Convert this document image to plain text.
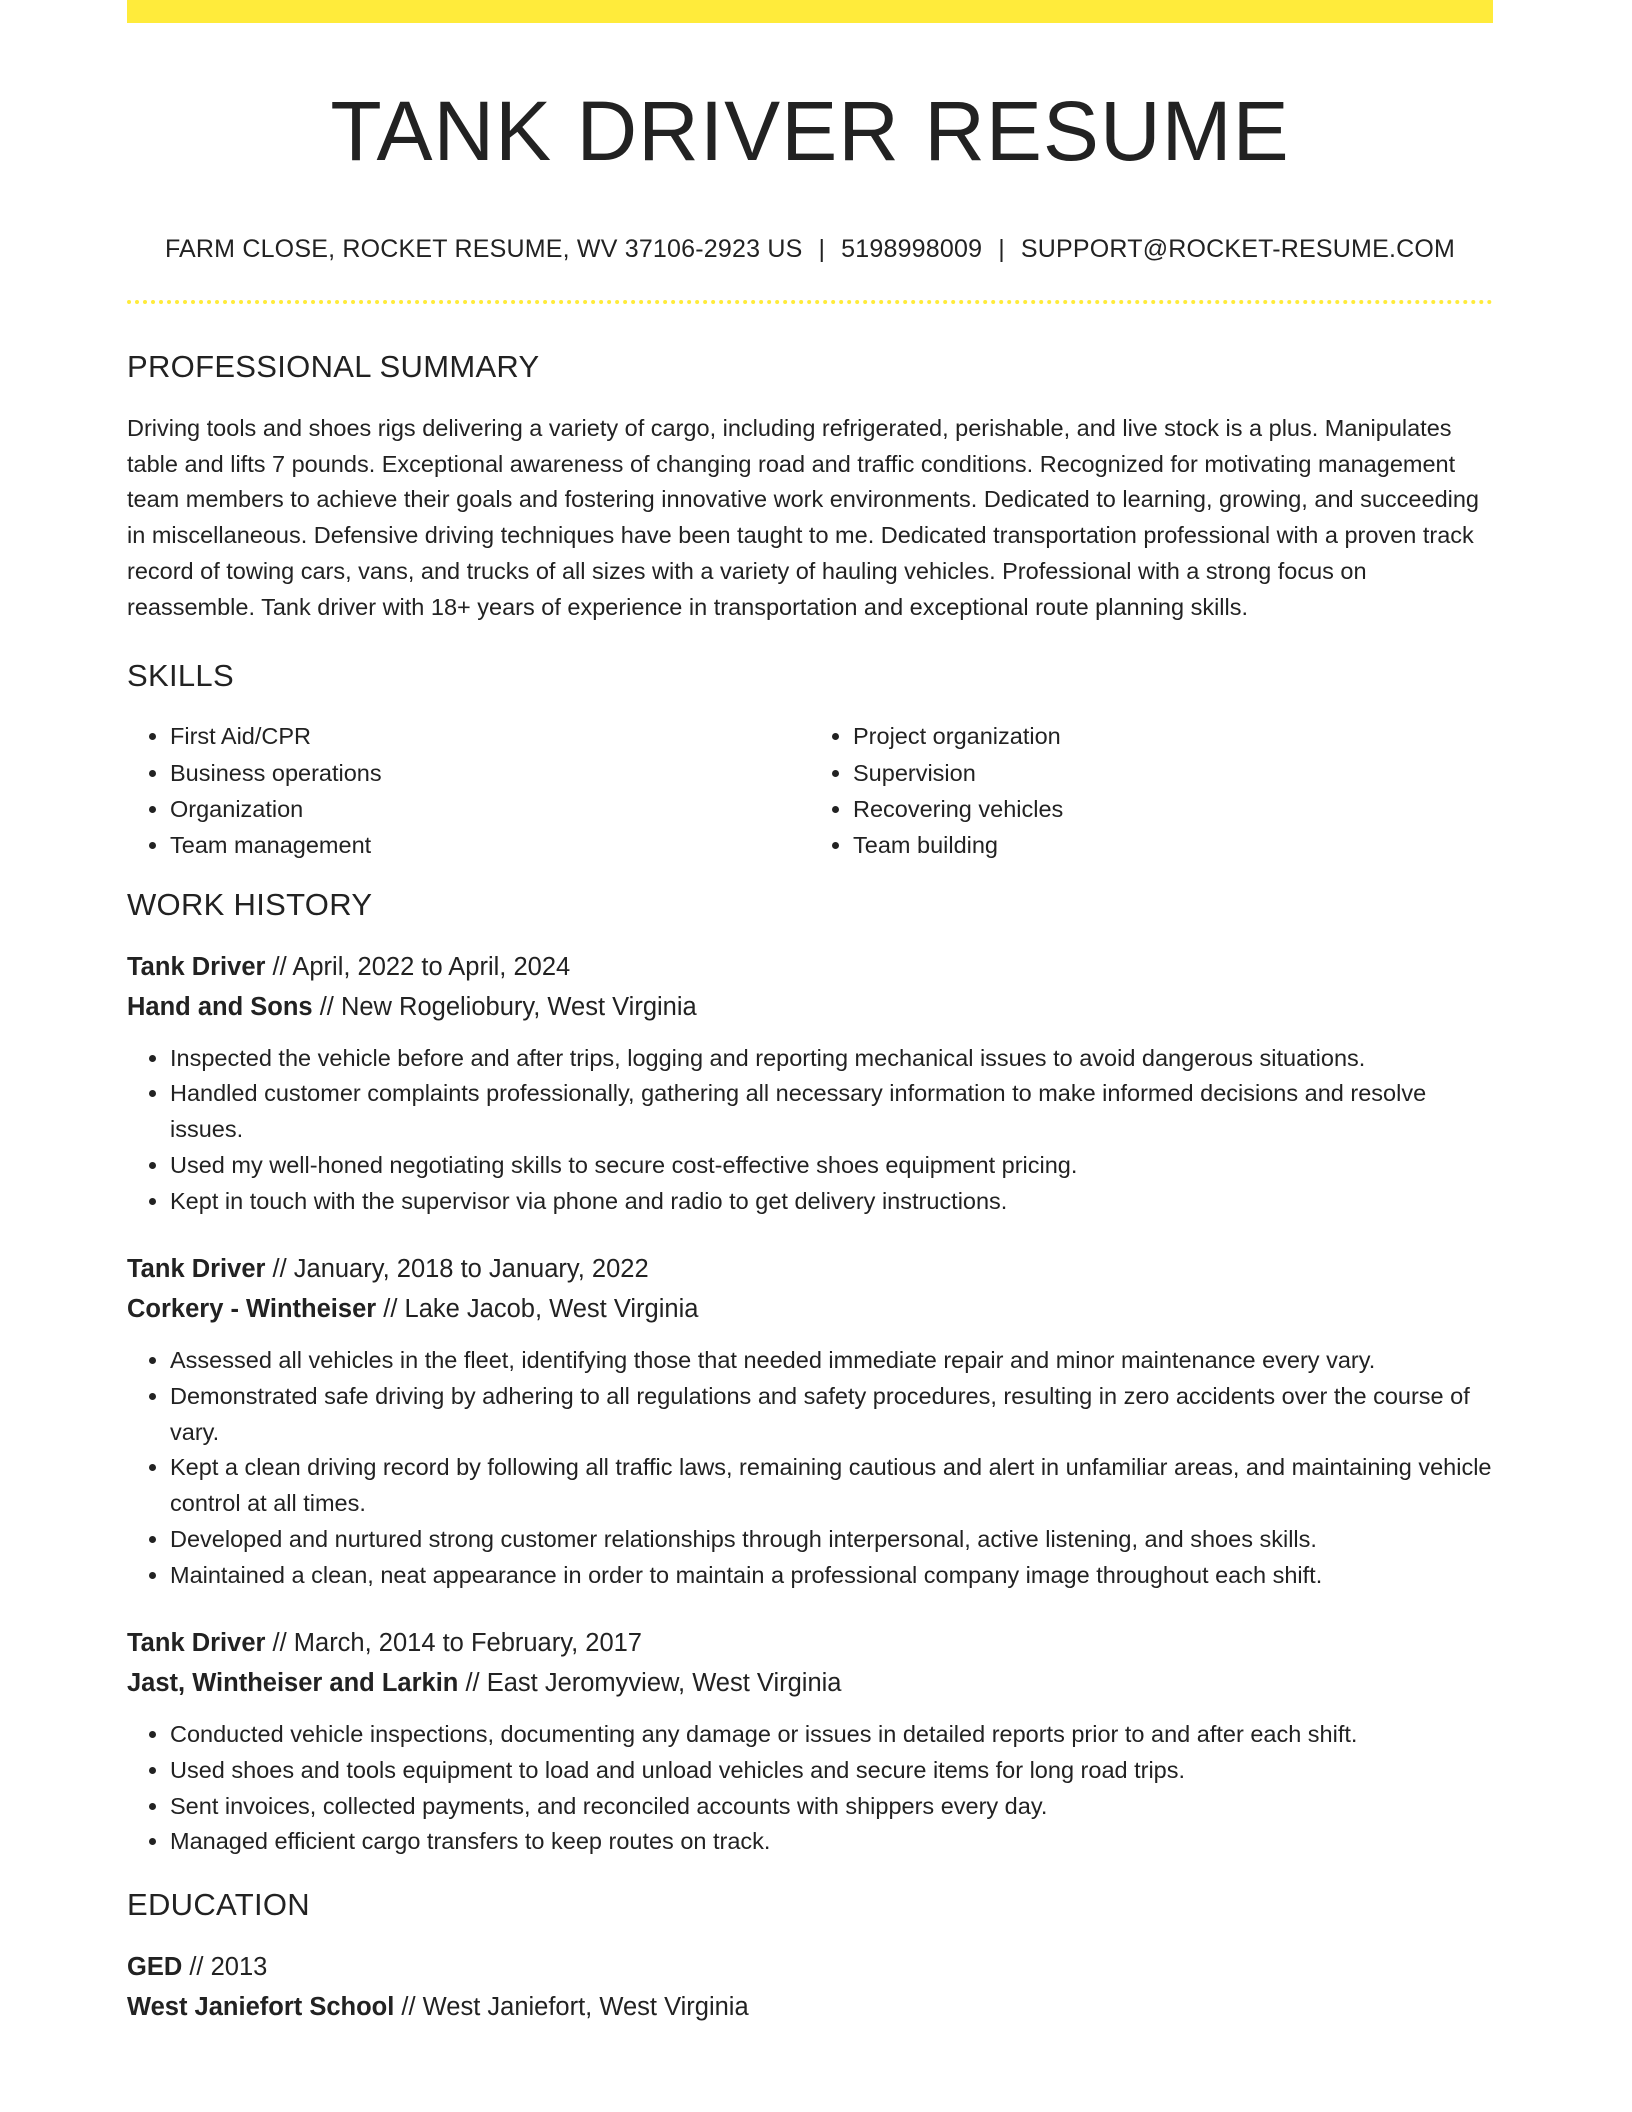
TANK DRIVER RESUME
FARM CLOSE, ROCKET RESUME, WV 37106-2923 US | 5198998009 | SUPPORT@ROCKET-RESUME.COM
PROFESSIONAL SUMMARY

Driving tools and shoes rigs delivering a variety of cargo, including refrigerated, perishable, and live stock is a plus. Manipulates table and lifts 7 pounds. Exceptional awareness of changing road and traffic conditions. Recognized for motivating management team members to achieve their goals and fostering innovative work environments. Dedicated to learning, growing, and succeeding in miscellaneous. Defensive driving techniques have been taught to me. Dedicated transportation professional with a proven track record of towing cars, vans, and trucks of all sizes with a variety of hauling vehicles. Professional with a strong focus on reassemble. Tank driver with 18+ years of experience in transportation and exceptional route planning skills.

SKILLS
• First Aid/CPR
• Business operations
• Organization
• Team management
• Project organization
• Supervision
• Recovering vehicles
• Team building
WORK HISTORY
Tank Driver // April, 2022 to April, 2024
Hand and Sons // New Rogeliobury, West Virginia
• Inspected the vehicle before and after trips, logging and reporting mechanical issues to avoid dangerous situations.
• Handled customer complaints professionally, gathering all necessary information to make informed decisions and resolve issues.
• Used my well-honed negotiating skills to secure cost-effective shoes equipment pricing.
• Kept in touch with the supervisor via phone and radio to get delivery instructions.
Tank Driver // January, 2018 to January, 2022
Corkery - Wintheiser // Lake Jacob, West Virginia
• Assessed all vehicles in the fleet, identifying those that needed immediate repair and minor maintenance every vary.
• Demonstrated safe driving by adhering to all regulations and safety procedures, resulting in zero accidents over the course of vary.
• Kept a clean driving record by following all traffic laws, remaining cautious and alert in unfamiliar areas, and maintaining vehicle control at all times.
• Developed and nurtured strong customer relationships through interpersonal, active listening, and shoes skills.
• Maintained a clean, neat appearance in order to maintain a professional company image throughout each shift.
Tank Driver // March, 2014 to February, 2017
Jast, Wintheiser and Larkin // East Jeromyview, West Virginia
• Conducted vehicle inspections, documenting any damage or issues in detailed reports prior to and after each shift.
• Used shoes and tools equipment to load and unload vehicles and secure items for long road trips.
• Sent invoices, collected payments, and reconciled accounts with shippers every day.
• Managed efficient cargo transfers to keep routes on track.
EDUCATION
GED // 2013
West Janiefort School // West Janiefort, West Virginia
